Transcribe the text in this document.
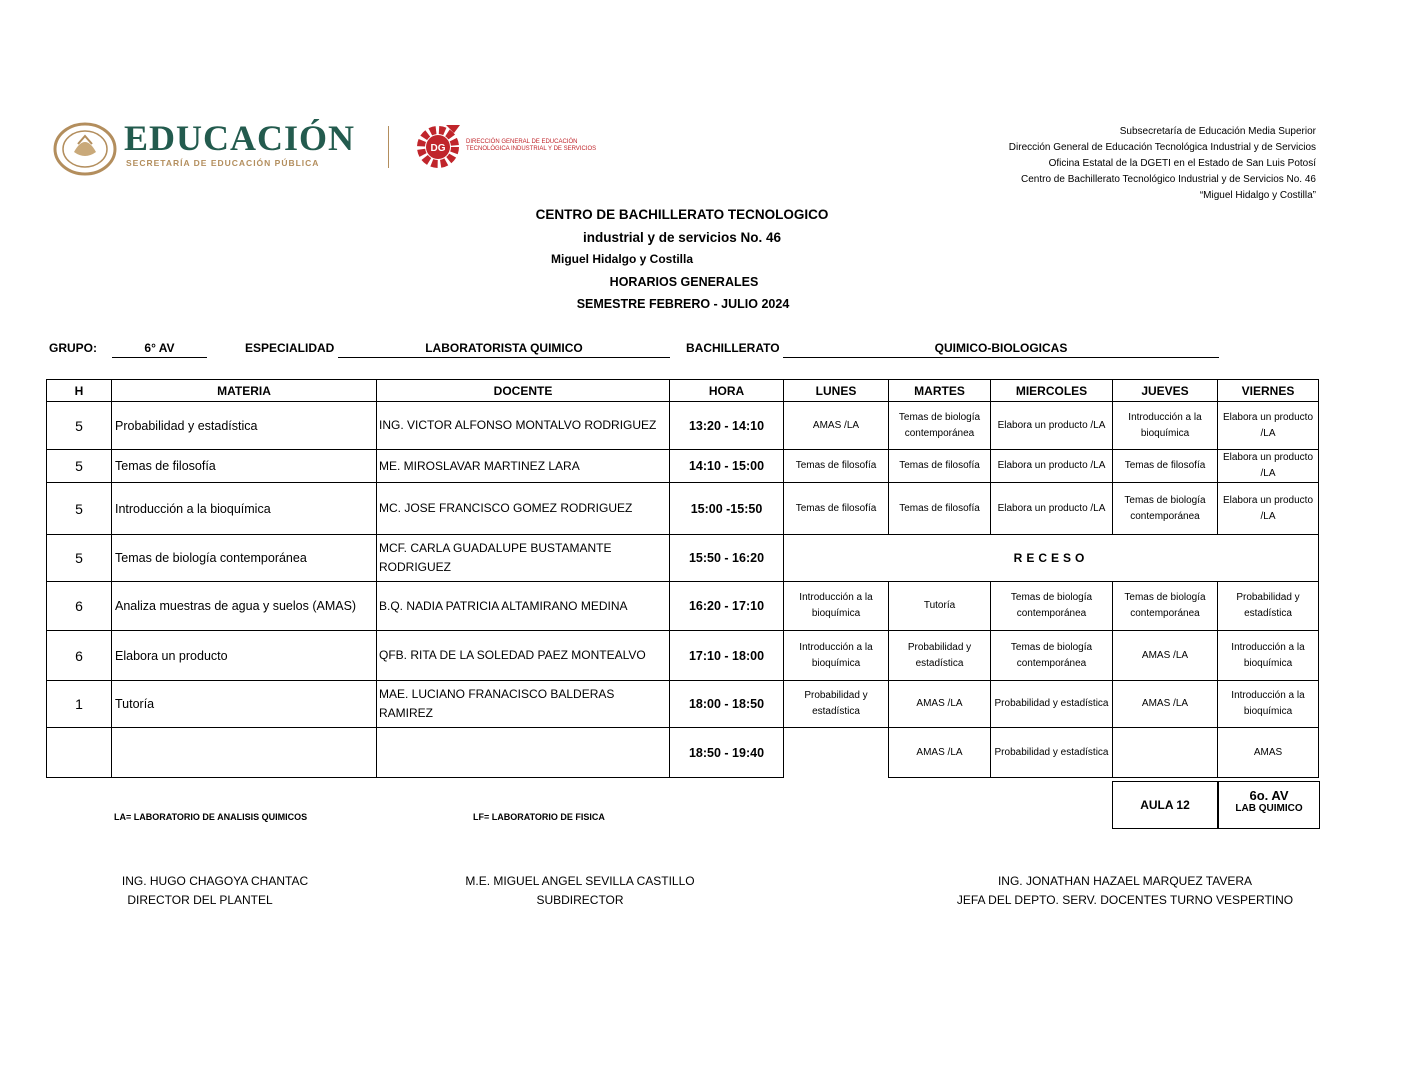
EDUCACIÓN
SECRETARÍA DE EDUCACIÓN PÚBLICA
DG
DIRECCIÓN GENERAL DE EDUCACIÓN
TECNOLÓGICA INDUSTRIAL Y DE SERVICIOS
Subsecretaría de Educación Media Superior
Dirección General de Educación Tecnológica Industrial y de Servicios
Oficina Estatal de la DGETI en el Estado de San Luis Potosí
Centro de Bachillerato Tecnológico Industrial y de Servicios No. 46
“Miguel Hidalgo y Costilla”
CENTRO DE BACHILLERATO TECNOLOGICO
industrial y de servicios No. 46
Miguel Hidalgo y Costilla
HORARIOS GENERALES
SEMESTRE FEBRERO - JULIO 2024
GRUPO:	6° AV	ESPECIALIDAD	LABORATORISTA QUIMICO	BACHILLERATO	QUIMICO-BIOLOGICAS
H	MATERIA	DOCENTE	HORA	LUNES	MARTES	MIERCOLES	JUEVES	VIERNES
5	Probabilidad y estadística	ING. VICTOR ALFONSO MONTALVO RODRIGUEZ	13:20 - 14:10	AMAS /LA	Temas de biología contemporánea	Elabora un producto /LA	Introducción a la bioquímica	Elabora un producto /LA
5	Temas de filosofía	ME. MIROSLAVAR MARTINEZ LARA	14:10 - 15:00	Temas de filosofía	Temas de filosofía	Elabora un producto /LA	Temas de filosofía	Elabora un producto /LA
5	Introducción a la bioquímica	MC. JOSE FRANCISCO GOMEZ RODRIGUEZ	15:00 -15:50	Temas de filosofía	Temas de filosofía	Elabora un producto /LA	Temas de biología contemporánea	Elabora un producto /LA
5	Temas de biología contemporánea	MCF. CARLA GUADALUPE BUSTAMANTE RODRIGUEZ	15:50 - 16:20	RECESO				
6	Analiza muestras de agua y suelos (AMAS)	B.Q. NADIA PATRICIA ALTAMIRANO MEDINA	16:20 - 17:10	Introducción a la bioquímica	Tutoría	Temas de biología contemporánea	Temas de biología contemporánea	Probabilidad y estadística
6	Elabora un producto	QFB. RITA DE LA SOLEDAD PAEZ MONTEALVO	17:10 - 18:00	Introducción a la bioquímica	Probabilidad y estadística	Temas de biología contemporánea	AMAS /LA	Introducción a la bioquímica
1	Tutoría	MAE. LUCIANO FRANACISCO BALDERAS RAMIREZ	18:00 - 18:50	Probabilidad y estadística	AMAS /LA	Probabilidad y estadística	AMAS /LA	Introducción a la bioquímica
			18:50 - 19:40		AMAS /LA	Probabilidad y estadística		AMAS
AULA 12
6o. AV
LAB QUIMICO
LA= LABORATORIO DE ANALISIS QUIMICOS	LF= LABORATORIO DE FISICA
ING. HUGO CHAGOYA CHANTAC
DIRECTOR DEL PLANTEL
M.E. MIGUEL ANGEL SEVILLA CASTILLO
SUBDIRECTOR
ING. JONATHAN HAZAEL MARQUEZ TAVERA
JEFA DEL DEPTO. SERV. DOCENTES TURNO VESPERTINO
